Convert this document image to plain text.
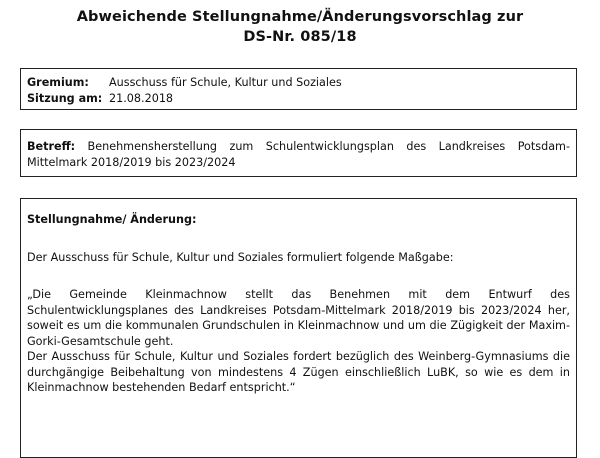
Abweichende Stellungnahme/Änderungsvorschlag zur
DS-Nr. 085/18
Gremium:	Ausschuss für Schule, Kultur und Soziales
Sitzung am: 21.08.2018

Betreff: Benehmensherstellung zum Schulentwicklungsplan des Landkreises Potsdam-Mittelmark 2018/2019 bis 2023/2024

Stellungnahme/ Änderung:

Der Ausschuss für Schule, Kultur und Soziales formuliert folgende Maßgabe:

„Die Gemeinde Kleinmachnow stellt das Benehmen mit dem Entwurf des Schulentwicklungsplanes des Landkreises Potsdam-Mittelmark 2018/2019 bis 2023/2024 her, soweit es um die kommunalen Grundschulen in Kleinmachnow und um die Zügigkeit der Maxim-Gorki-Gesamtschule geht.

Der Ausschuss für Schule, Kultur und Soziales fordert bezüglich des Weinberg-Gymnasiums die durchgängige Beibehaltung von mindestens 4 Zügen einschließlich LuBK, so wie es dem in Kleinmachnow bestehenden Bedarf entspricht.“
